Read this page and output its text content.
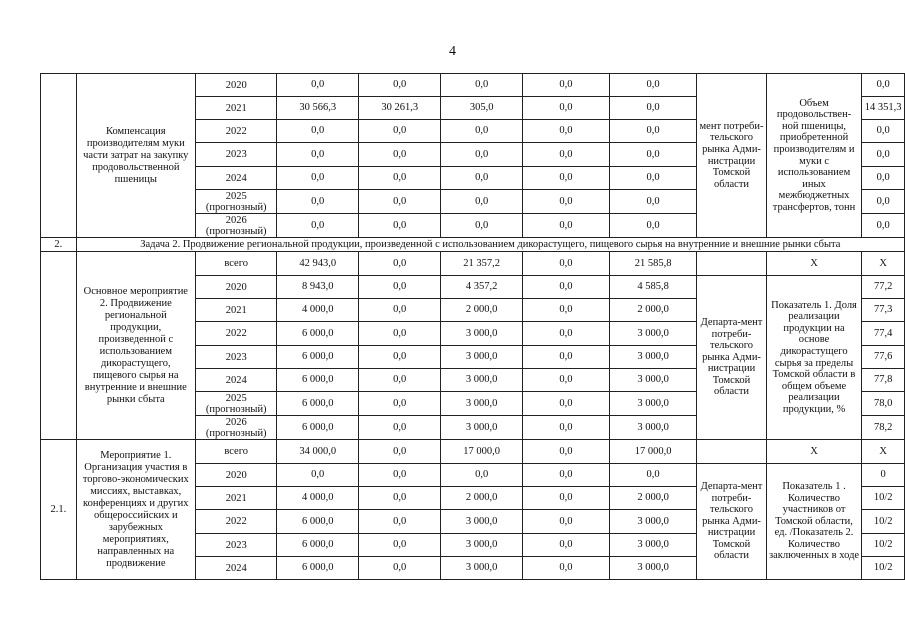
4
	Компенсация производителям муки части затрат на закупку продовольственной пшеницы	2020	0,0	0,0	0,0	0,0	0,0	мент потреби-тельского рынка Адми-нистрации Томской области	Объем продовольствен-ной пшеницы, приобретенной производителям и муки с использованием иных межбюджетных трансфертов, тонн	0,0
		2021	30 566,3	30 261,3	305,0	0,0	0,0			14 351,3
		2022	0,0	0,0	0,0	0,0	0,0			0,0
		2023	0,0	0,0	0,0	0,0	0,0			0,0
		2024	0,0	0,0	0,0	0,0	0,0			0,0
		2025 (прогнозный)	0,0	0,0	0,0	0,0	0,0			0,0
		2026 (прогнозный)	0,0	0,0	0,0	0,0	0,0			0,0
2.	Задача 2. Продвижение региональной продукции, произведенной с использованием дикорастущего, пищевого сырья на внутренние и внешние рынки сбыта									
	Основное мероприятие 2. Продвижение региональной продукции, произведенной с использованием дикорастущего, пищевого сырья на внутренние и внешние рынки сбыта	всего	42 943,0	0,0	21 357,2	0,0	21 585,8		Х	Х
		2020	8 943,0	0,0	4 357,2	0,0	4 585,8	Департа-мент потреби-тельского рынка Адми-нистрации Томской области	Показатель 1. Доля реализации продукции на основе дикорастущего сырья за пределы Томской области в общем объеме реализации продукции, %	77,2
		2021	4 000,0	0,0	2 000,0	0,0	2 000,0			77,3
		2022	6 000,0	0,0	3 000,0	0,0	3 000,0			77,4
		2023	6 000,0	0,0	3 000,0	0,0	3 000,0			77,6
		2024	6 000,0	0,0	3 000,0	0,0	3 000,0			77,8
		2025 (прогнозный)	6 000,0	0,0	3 000,0	0,0	3 000,0			78,0
		2026 (прогнозный)	6 000,0	0,0	3 000,0	0,0	3 000,0			78,2
2.1.	Мероприятие 1. Организация участия в торгово-экономических миссиях, выставках, конференциях и других общероссийских и зарубежных мероприятиях, направленных на продвижение	всего	34 000,0	0,0	17 000,0	0,0	17 000,0		Х	Х
		2020	0,0	0,0	0,0	0,0	0,0	Департа-мент потреби-тельского рынка Адми-нистрации Томской области	Показатель 1 . Количество участников от Томской области, ед. /Показатель 2. Количество заключенных в ходе	0
		2021	4 000,0	0,0	2 000,0	0,0	2 000,0			10/2
		2022	6 000,0	0,0	3 000,0	0,0	3 000,0			10/2
		2023	6 000,0	0,0	3 000,0	0,0	3 000,0			10/2
		2024	6 000,0	0,0	3 000,0	0,0	3 000,0			10/2
